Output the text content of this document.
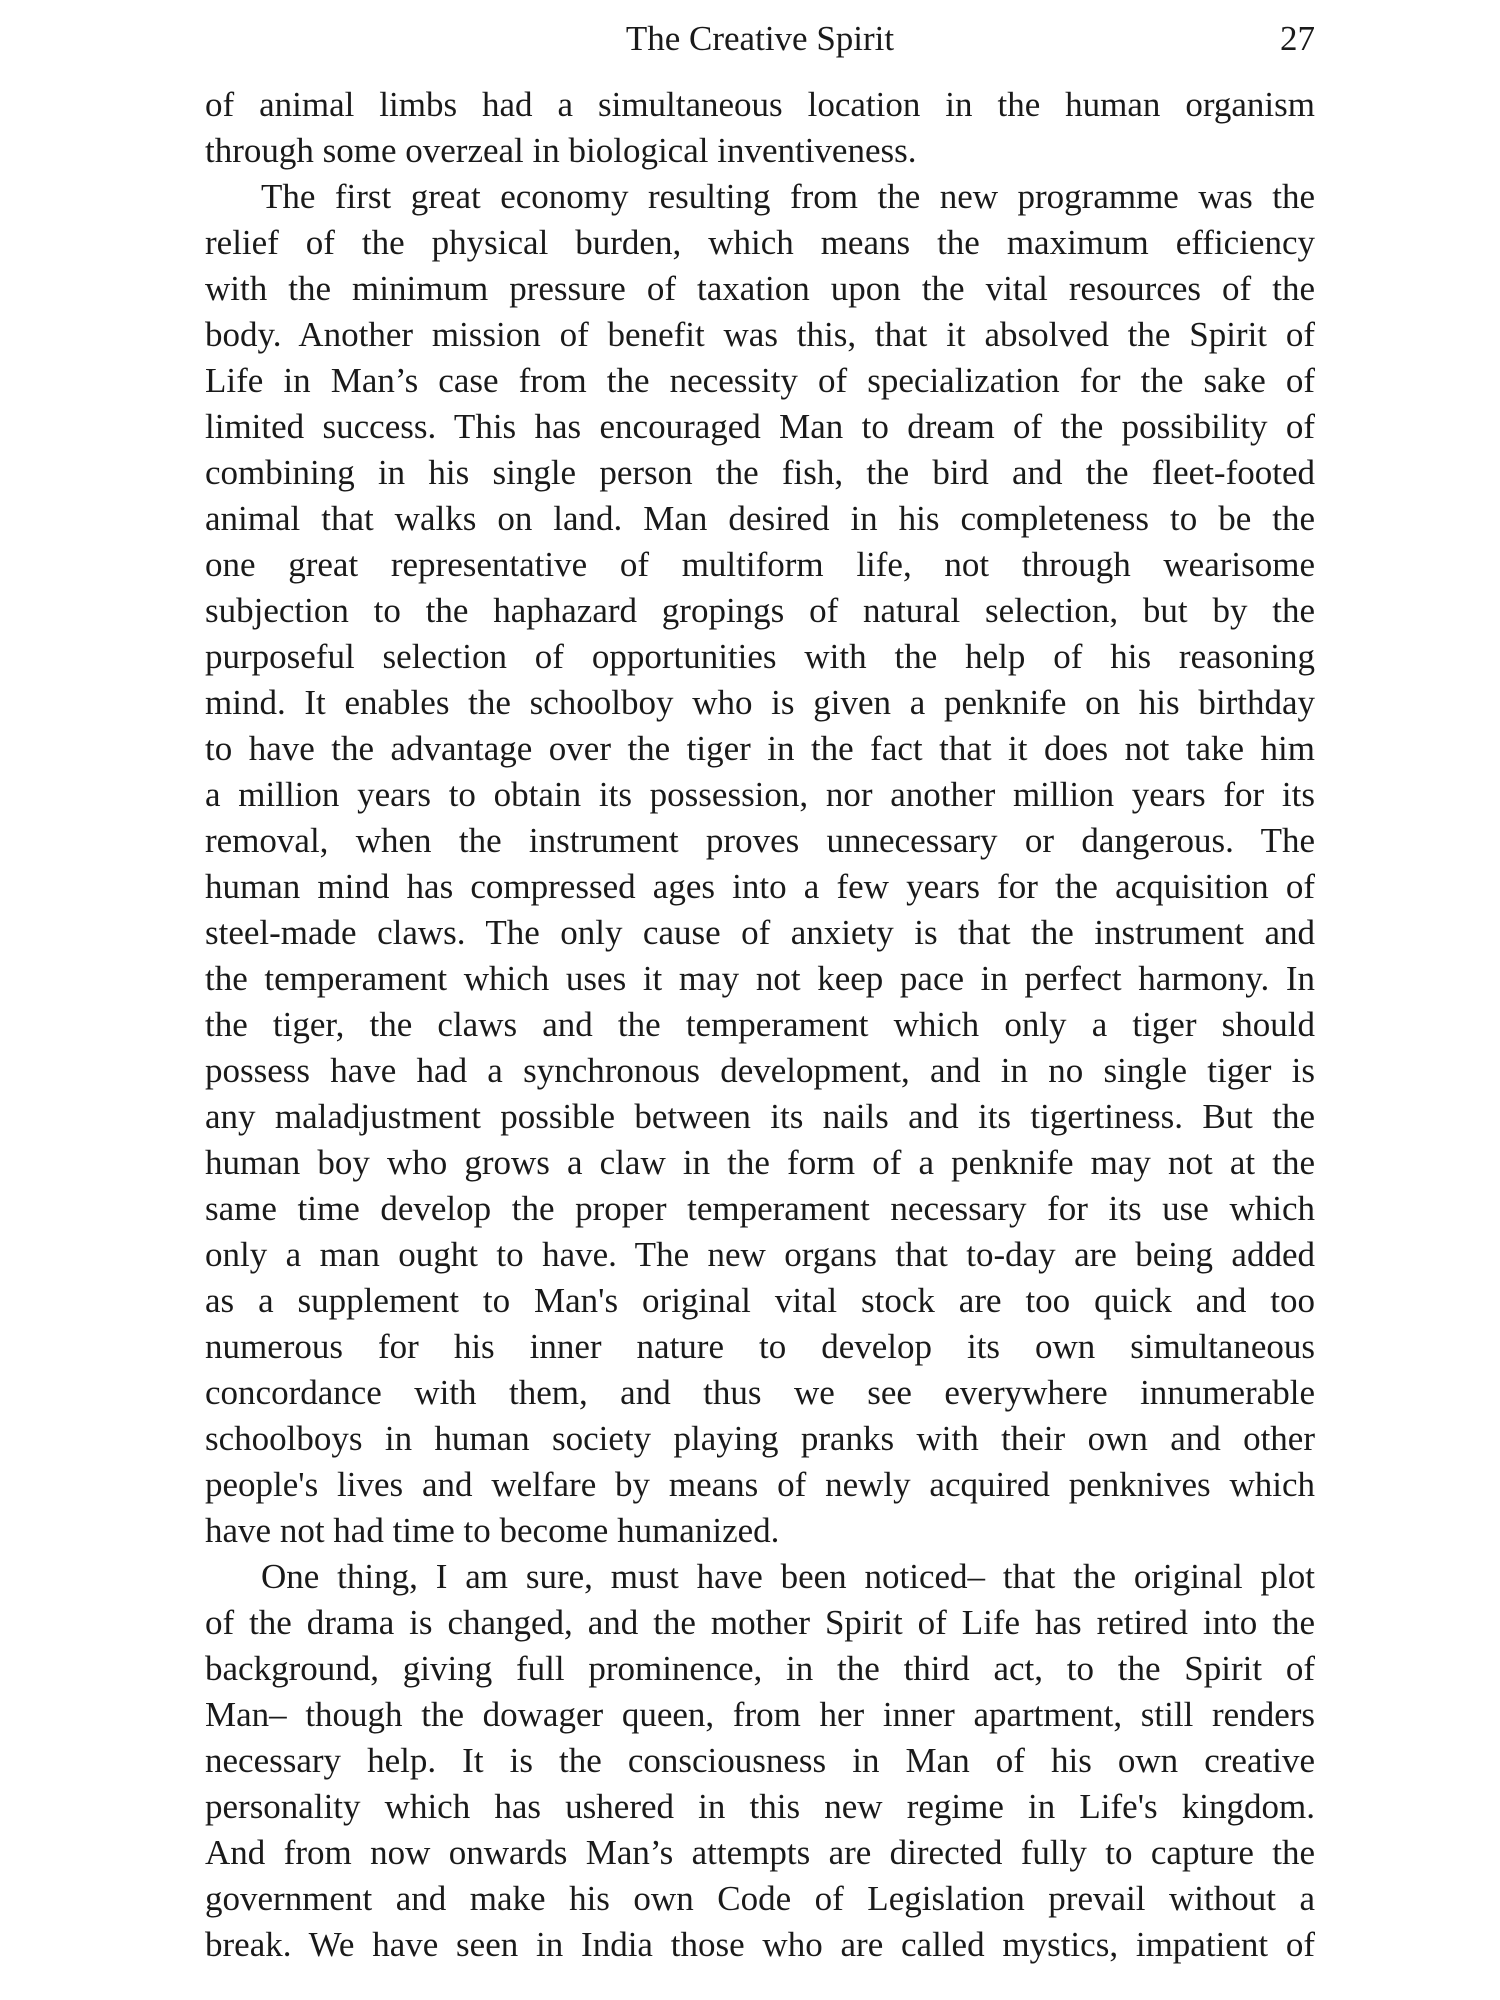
The Creative Spirit	27
of animal limbs had a simultaneous location in the human organism
through some overzeal in biological inventiveness.
The first great economy resulting from the new programme was the
relief of the physical burden, which means the maximum efficiency
with the minimum pressure of taxation upon the vital resources of the
body. Another mission of benefit was this, that it absolved the Spirit of
Life in Man’s case from the necessity of specialization for the sake of
limited success. This has encouraged Man to dream of the possibility of
combining in his single person the fish, the bird and the fleet-footed
animal that walks on land. Man desired in his completeness to be the
one great representative of multiform life, not through wearisome
subjection to the haphazard gropings of natural selection, but by the
purposeful selection of opportunities with the help of his reasoning
mind. It enables the schoolboy who is given a penknife on his birthday
to have the advantage over the tiger in the fact that it does not take him
a million years to obtain its possession, nor another million years for its
removal, when the instrument proves unnecessary or dangerous. The
human mind has compressed ages into a few years for the acquisition of
steel-made claws. The only cause of anxiety is that the instrument and
the temperament which uses it may not keep pace in perfect harmony. In
the tiger, the claws and the temperament which only a tiger should
possess have had a synchronous development, and in no single tiger is
any maladjustment possible between its nails and its tigertiness. But the
human boy who grows a claw in the form of a penknife may not at the
same time develop the proper temperament necessary for its use which
only a man ought to have. The new organs that to-day are being added
as a supplement to Man's original vital stock are too quick and too
numerous for his inner nature to develop its own simultaneous
concordance with them, and thus we see everywhere innumerable
schoolboys in human society playing pranks with their own and other
people's lives and welfare by means of newly acquired penknives which
have not had time to become humanized.
One thing, I am sure, must have been noticed– that the original plot
of the drama is changed, and the mother Spirit of Life has retired into the
background, giving full prominence, in the third act, to the Spirit of
Man– though the dowager queen, from her inner apartment, still renders
necessary help. It is the consciousness in Man of his own creative
personality which has ushered in this new regime in Life's kingdom.
And from now onwards Man’s attempts are directed fully to capture the
government and make his own Code of Legislation prevail without a
break. We have seen in India those who are called mystics, impatient of
